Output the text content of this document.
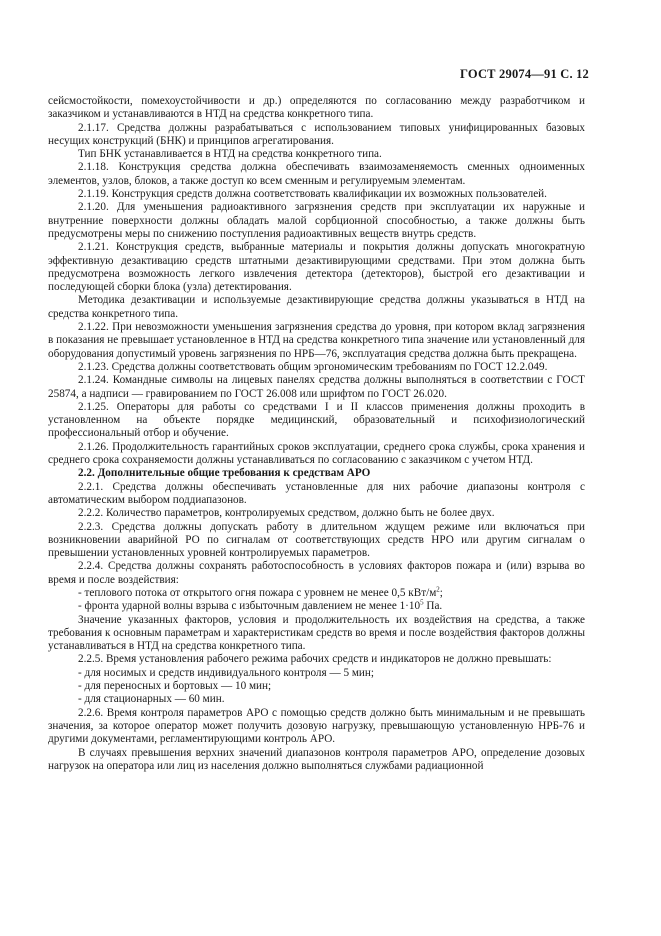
ГОСТ 29074—91 С. 12

сейсмостойкости, помехоустойчивости и др.) определяются по согласованию между разработчиком и заказчиком и устанавливаются в НТД на средства конкретного типа.

2.1.17. Средства должны разрабатываться с использованием типовых унифицированных базовых несущих конструкций (БНК) и принципов агрегатирования.

Тип БНК устанавливается в НТД на средства конкретного типа.

2.1.18. Конструкция средства должна обеспечивать взаимозаменяемость сменных одноименных элементов, узлов, блоков, а также доступ ко всем сменным и регулируемым элементам.

2.1.19. Конструкция средств должна соответствовать квалификации их возможных пользователей.

2.1.20. Для уменьшения радиоактивного загрязнения средств при эксплуатации их наружные и внутренние поверхности должны обладать малой сорбционной способностью, а также должны быть предусмотрены меры по снижению поступления радиоактивных веществ внутрь средств.

2.1.21. Конструкция средств, выбранные материалы и покрытия должны допускать многократную эффективную дезактивацию средств штатными дезактивирующими средствами. При этом должна быть предусмотрена возможность легкого извлечения детектора (детекторов), быстрой его дезактивации и последующей сборки блока (узла) детектирования.

Методика дезактивации и используемые дезактивирующие средства должны указываться в НТД на средства конкретного типа.

2.1.22. При невозможности уменьшения загрязнения средства до уровня, при котором вклад загрязнения в показания не превышает установленное в НТД на средства конкретного типа значение или установленный для оборудования допустимый уровень загрязнения по НРБ—76, эксплуатация средства должна быть прекращена.

2.1.23. Средства должны соответствовать общим эргономическим требованиям по ГОСТ 12.2.049.

2.1.24. Командные символы на лицевых панелях средства должны выполняться в соответствии с ГОСТ 25874, а надписи — гравированием по ГОСТ 26.008 или шрифтом по ГОСТ 26.020.

2.1.25. Операторы для работы со средствами I и II классов применения должны проходить в установленном на объекте порядке медицинский, образовательный и психофизиологический профессиональный отбор и обучение.

2.1.26. Продолжительность гарантийных сроков эксплуатации, среднего срока службы, срока хранения и среднего срока сохраняемости должны устанавливаться по согласованию с заказчиком с учетом НТД.

2.2. Дополнительные общие требования к средствам АРО

2.2.1. Средства должны обеспечивать установленные для них рабочие диапазоны контроля с автоматическим выбором поддиапазонов.

2.2.2. Количество параметров, контролируемых средством, должно быть не более двух.

2.2.3. Средства должны допускать работу в длительном ждущем режиме или включаться при возникновении аварийной РО по сигналам от соответствующих средств НРО или другим сигналам о превышении установленных уровней контролируемых параметров.

2.2.4. Средства должны сохранять работоспособность в условиях факторов пожара и (или) взрыва во время и после воздействия:

- теплового потока от открытого огня пожара с уровнем не менее 0,5 кВт/$м^2$;

- фронта ударной волны взрыва с избыточным давлением не менее $1\cdot 10^5$ Па.

Значение указанных факторов, условия и продолжительность их воздействия на средства, а также требования к основным параметрам и характеристикам средств во время и после воздействия факторов должны устанавливаться в НТД на средства конкретного типа.

2.2.5. Время установления рабочего режима рабочих средств и индикаторов не должно превышать:

- для носимых и средств индивидуального контроля — 5 мин;

- для переносных и бортовых — 10 мин;

- для стационарных — 60 мин.

2.2.6. Время контроля параметров АРО с помощью средств должно быть минимальным и не превышать значения, за которое оператор может получить дозовую нагрузку, превышающую установленную НРБ-76 и другими документами, регламентирующими контроль АРО.

В случаях превышения верхних значений диапазонов контроля параметров АРО, определение дозовых нагрузок на оператора или лиц из населения должно выполняться службами радиационной
